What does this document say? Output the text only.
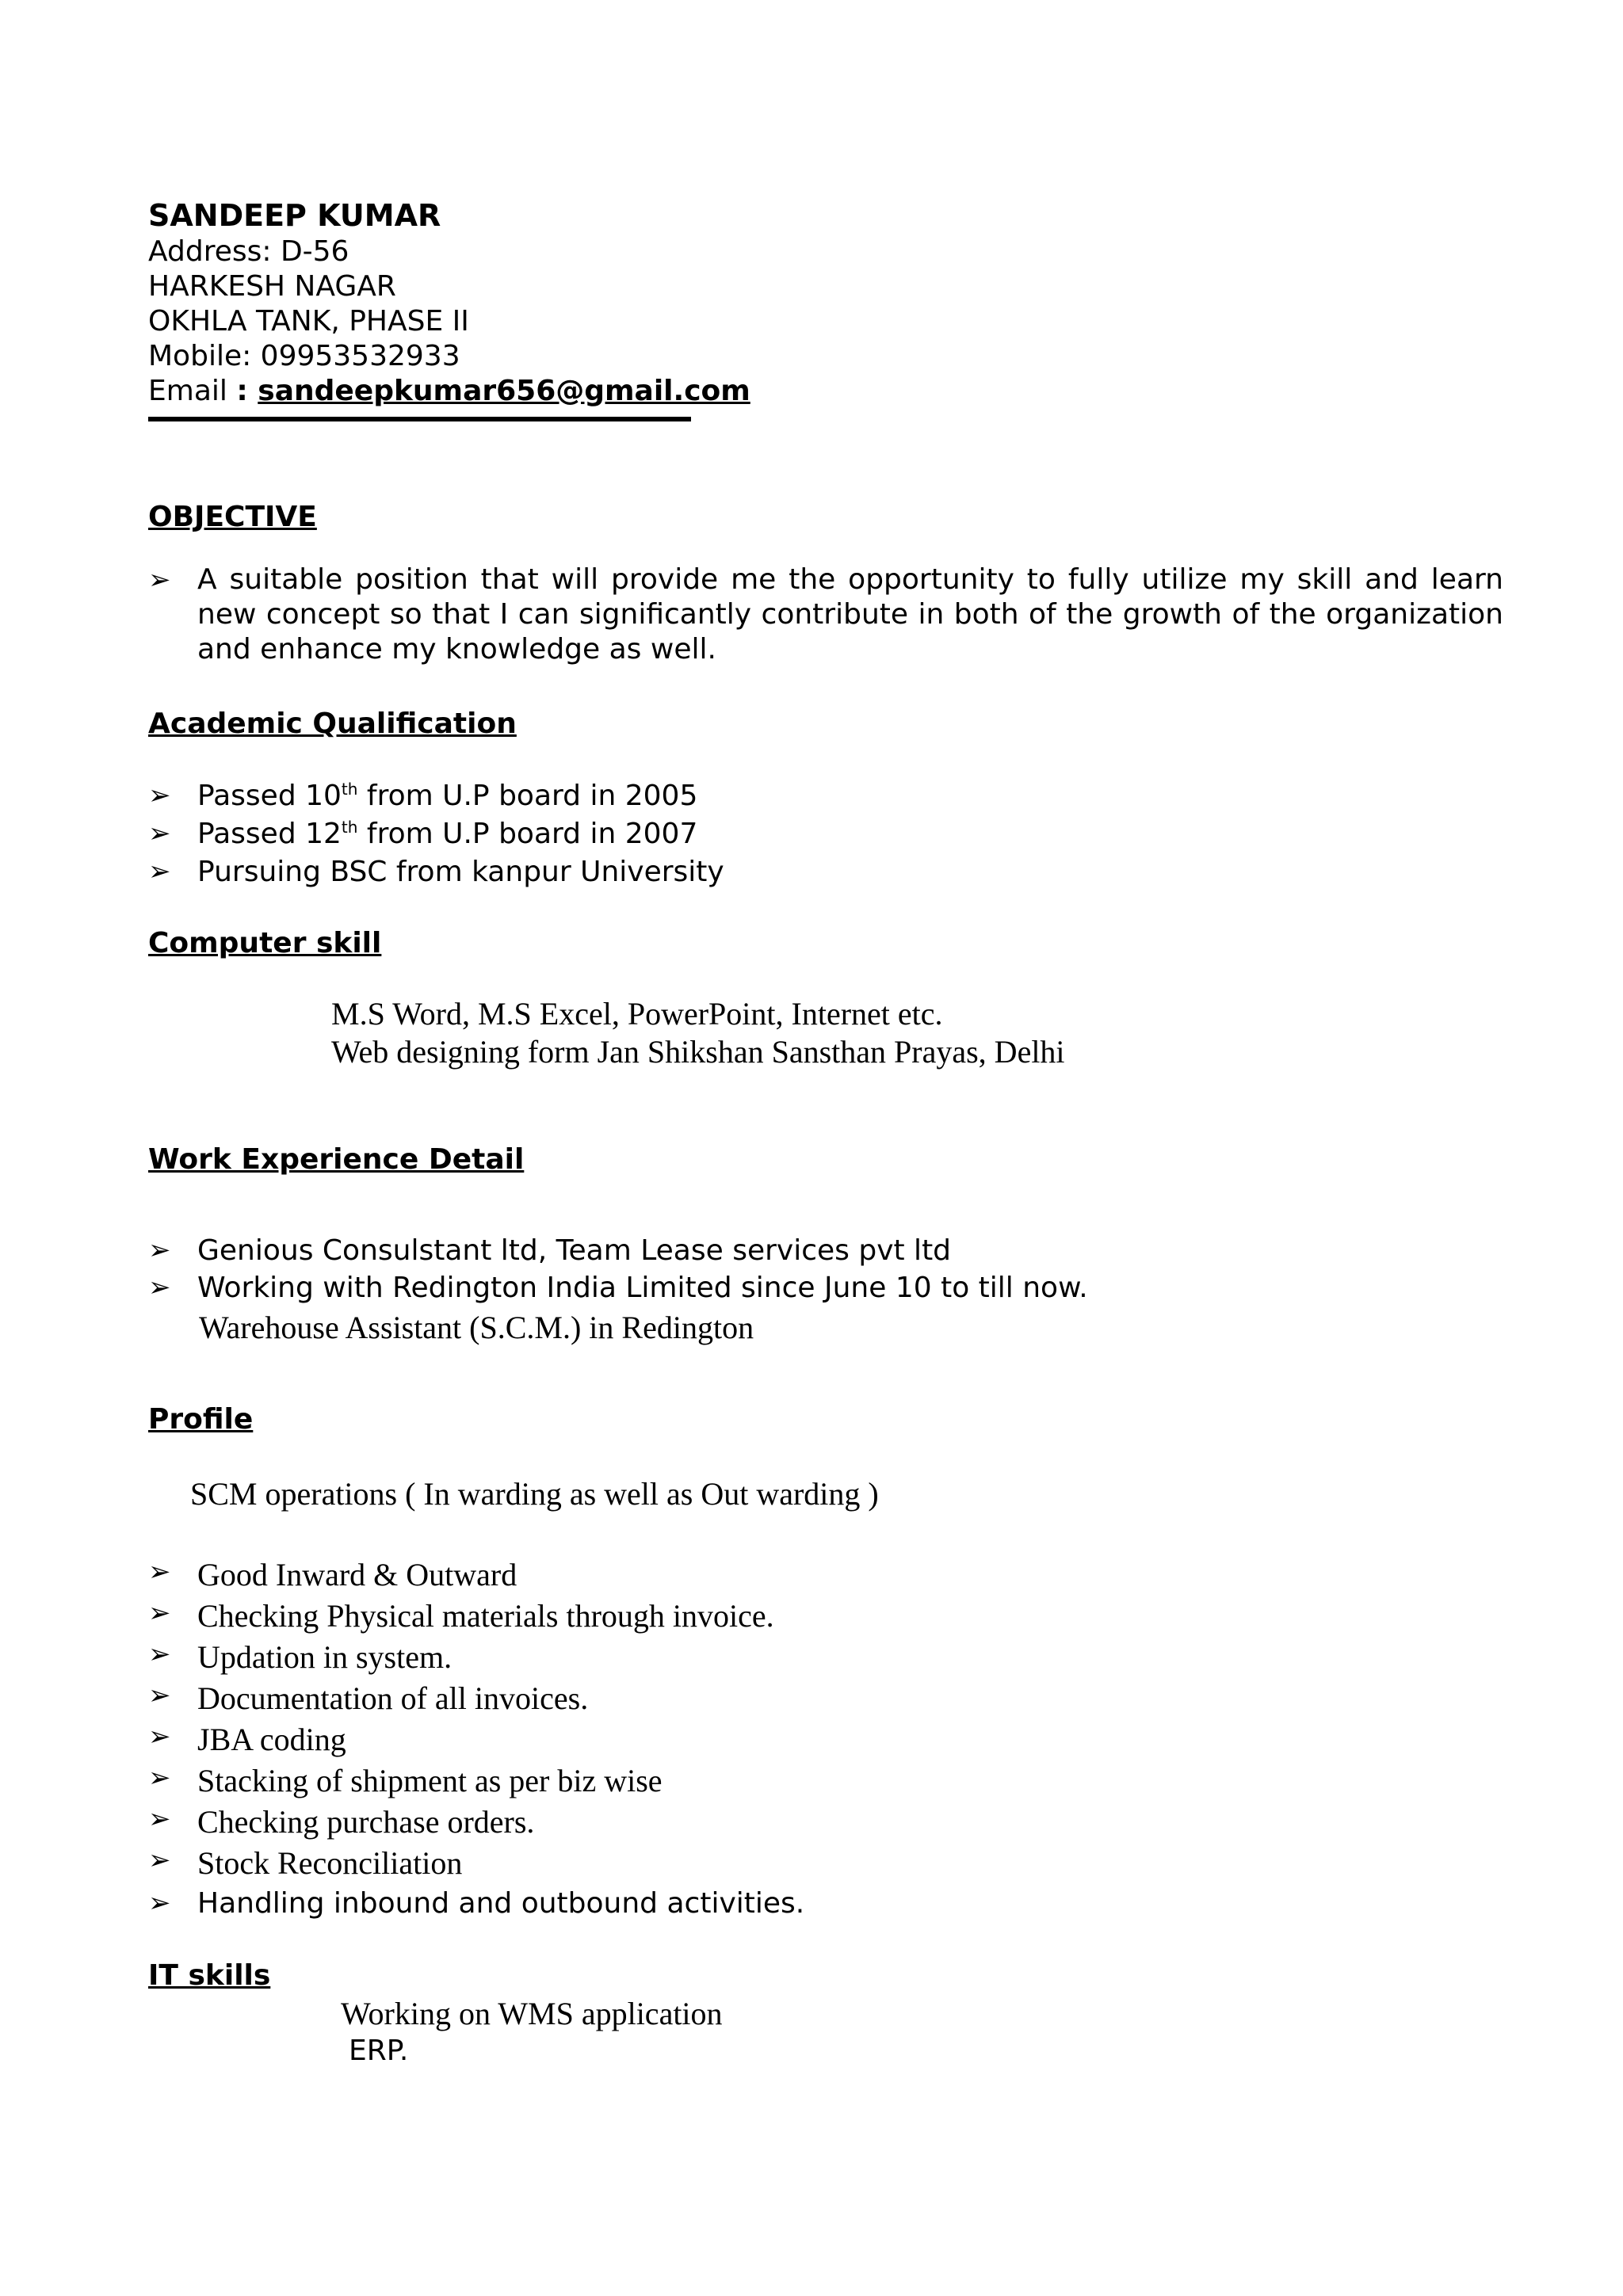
SANDEEP KUMAR
Address: D-56
HARKESH NAGAR
OKHLA TANK, PHASE II
Mobile: 09953532933
Email : sandeepkumar656@gmail.com
OBJECTIVE
➢ A suitable position that will provide me the opportunity to fully utilize my skill and learn new concept so that I can significantly contribute in both of the growth of the organization and enhance my knowledge as well.
Academic Qualification
➢ Passed 10th from U.P board in 2005
➢ Passed 12th from U.P board in 2007
➢ Pursuing BSC from kanpur University
Computer skill
M.S Word, M.S Excel, PowerPoint, Internet etc.
Web designing form Jan Shikshan Sansthan Prayas, Delhi
Work Experience Detail
➢ Genious Consulstant ltd, Team Lease services pvt ltd
➢ Working with Redington India Limited since June 10 to till now.
Warehouse Assistant (S.C.M.) in Redington
Profile
SCM operations ( In warding as well as Out warding )
➢ Good Inward & Outward
➢ Checking Physical materials through invoice.
➢ Updation in system.
➢ Documentation of all invoices.
➢ JBA coding
➢ Stacking of shipment as per biz wise
➢ Checking purchase orders.
➢ Stock Reconciliation
➢ Handling inbound and outbound activities.
IT skills
Working on WMS application
ERP.
